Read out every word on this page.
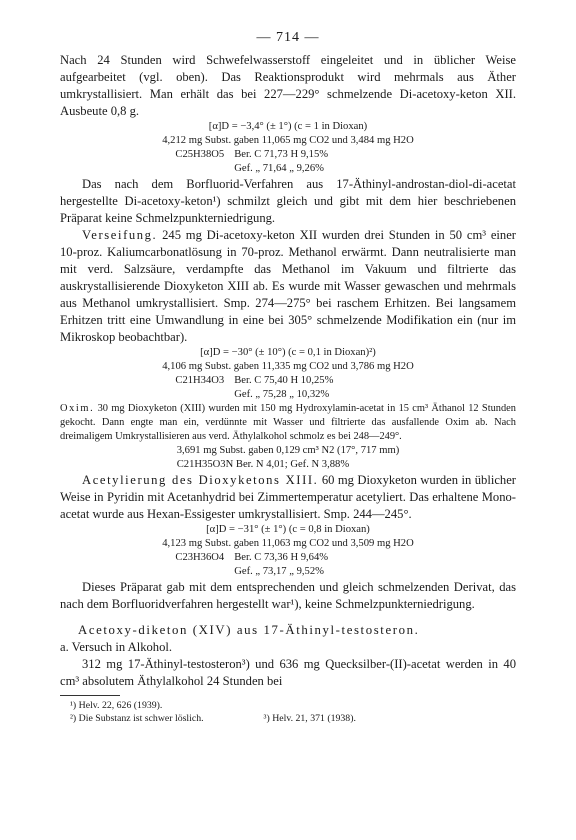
— 714 —

Nach 24 Stunden wird Schwefelwasserstoff eingeleitet und in üblicher Weise aufgearbeitet (vgl. oben). Das Reaktionsprodukt wird mehrmals aus Äther umkrystallisiert. Man erhält das bei 227—229° schmelzende Di-acetoxy-keton XII. Ausbeute 0,8 g.

[α]D = −3,4° (± 1°) (c = 1 in Dioxan)

4,212 mg Subst. gaben 11,065 mg CO2 und 3,484 mg H2O
C25H38O5 Ber. C 71,73 H 9,15%
Gef. „ 71,64 „ 9,26%

Das nach dem Borfluorid-Verfahren aus 17-Äthinyl-androstan-diol-di-acetat hergestellte Di-acetoxy-keton¹) schmilzt gleich und gibt mit dem hier beschriebenen Präparat keine Schmelzpunkterniedrigung.

Verseifung. 245 mg Di-acetoxy-keton XII wurden drei Stunden in 50 cm³ einer 10-proz. Kaliumcarbonatlösung in 70-proz. Methanol erwärmt. Dann neutralisierte man mit verd. Salzsäure, verdampfte das Methanol im Vakuum und filtrierte das auskrystallisierende Dioxyketon XIII ab. Es wurde mit Wasser gewaschen und mehrmals aus Methanol umkrystallisiert. Smp. 274—275° bei raschem Erhitzen. Bei langsamem Erhitzen tritt eine Umwandlung in eine bei 305° schmelzende Modifikation ein (nur im Mikroskop beobachtbar).

[α]D = −30° (± 10°) (c = 0,1 in Dioxan)²)

4,106 mg Subst. gaben 11,335 mg CO2 und 3,786 mg H2O
C21H34O3 Ber. C 75,40 H 10,25%
Gef. „ 75,28 „ 10,32%

Oxim. 30 mg Dioxyketon (XIII) wurden mit 150 mg Hydroxylamin-acetat in 15 cm³ Äthanol 12 Stunden gekocht. Dann engte man ein, verdünnte mit Wasser und filtrierte das ausfallende Oxim ab. Nach dreimaligem Umkrystallisieren aus verd. Äthylalkohol schmolz es bei 248—249°.

3,691 mg Subst. gaben 0,129 cm³ N2 (17°, 717 mm)
C21H35O3N Ber. N 4,01; Gef. N 3,88%

Acetylierung des Dioxyketons XIII. 60 mg Dioxyketon wurden in üblicher Weise in Pyridin mit Acetanhydrid bei Zimmertemperatur acetyliert. Das erhaltene Mono-acetat wurde aus Hexan-Essigester umkrystallisiert. Smp. 244—245°.

[α]D = −31° (± 1°) (c = 0,8 in Dioxan)

4,123 mg Subst. gaben 11,063 mg CO2 und 3,509 mg H2O
C23H36O4 Ber. C 73,36 H 9,64%
Gef. „ 73,17 „ 9,52%

Dieses Präparat gab mit dem entsprechenden und gleich schmelzenden Derivat, das nach dem Borfluoridverfahren hergestellt war¹), keine Schmelzpunkterniedrigung.

Acetoxy-diketon (XIV) aus 17-Äthinyl-testosteron.
a. Versuch in Alkohol.

312 mg 17-Äthinyl-testosteron³) und 636 mg Quecksilber-(II)-acetat werden in 40 cm³ absolutem Äthylalkohol 24 Stunden bei

¹) Helv. 22, 626 (1939).
²) Die Substanz ist schwer löslich.	³) Helv. 21, 371 (1938).
